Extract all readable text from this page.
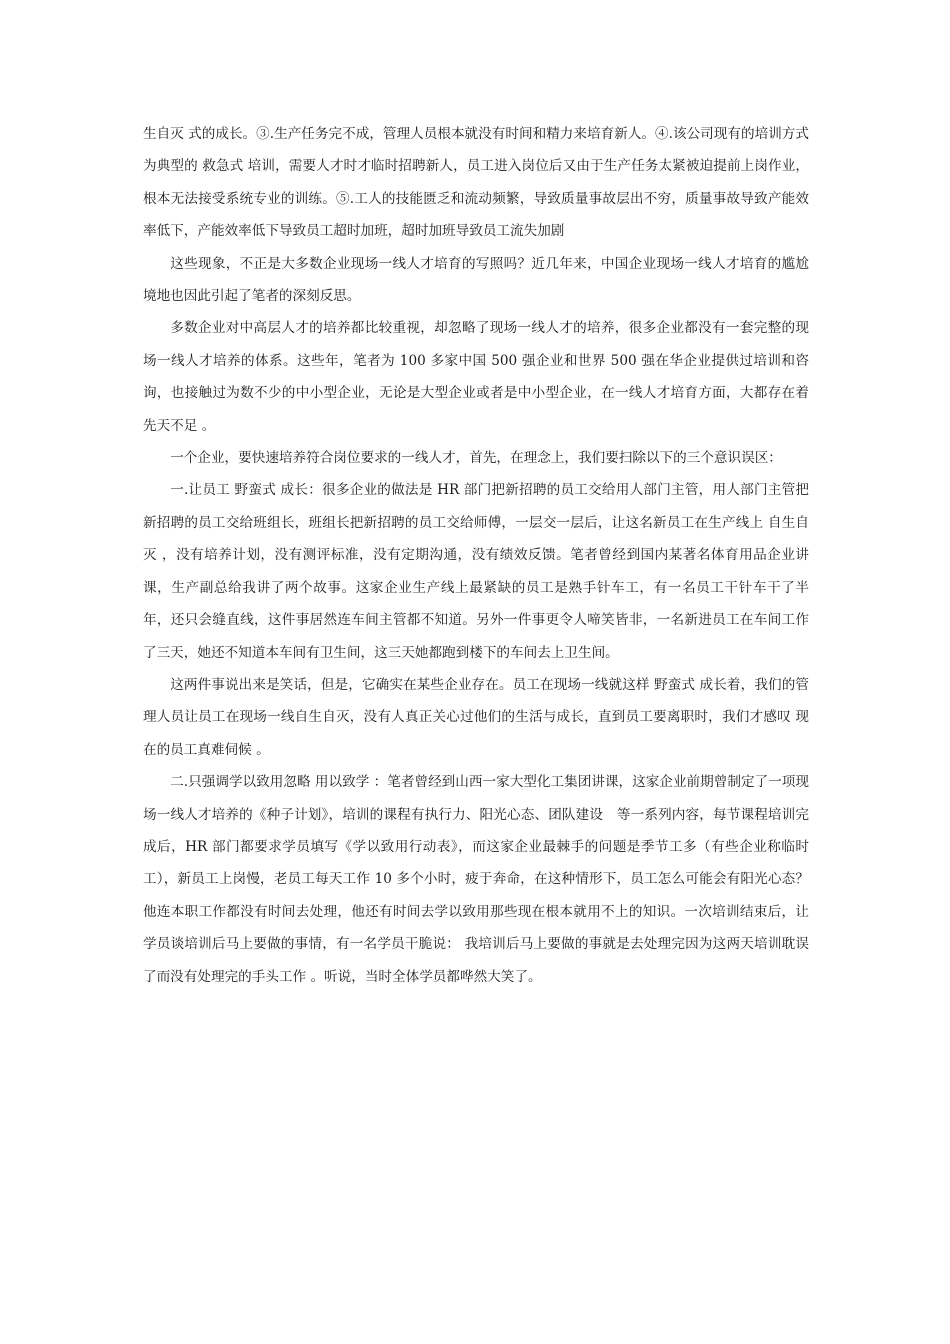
生自灭 式的成长。③.生产任务完不成，管理人员根本就没有时间和精力来培育新人。④.该公司现有的培训方式为典型的 救急式 培训，需要人才时才临时招聘新人，员工进入岗位后又由于生产任务太紧被迫提前上岗作业，根本无法接受系统专业的训练。⑤.工人的技能匮乏和流动频繁，导致质量事故层出不穷，质量事故导致产能效率低下，产能效率低下导致员工超时加班，超时加班导致员工流失加剧

这些现象，不正是大多数企业现场一线人才培育的写照吗？近几年来，中国企业现场一线人才培育的尴尬境地也因此引起了笔者的深刻反思。

多数企业对中高层人才的培养都比较重视，却忽略了现场一线人才的培养，很多企业都没有一套完整的现场一线人才培养的体系。这些年，笔者为 100 多家中国 500 强企业和世界 500 强在华企业提供过培训和咨询，也接触过为数不少的中小型企业，无论是大型企业或者是中小型企业，在一线人才培育方面，大都存在着 先天不足 。

一个企业，要快速培养符合岗位要求的一线人才，首先，在理念上，我们要扫除以下的三个意识误区：

一.让员工 野蛮式 成长：很多企业的做法是 HR 部门把新招聘的员工交给用人部门主管，用人部门主管把新招聘的员工交给班组长，班组长把新招聘的员工交给师傅，一层交一层后，让这名新员工在生产线上 自生自灭 ，没有培养计划，没有测评标准，没有定期沟通，没有绩效反馈。笔者曾经到国内某著名体育用品企业讲课，生产副总给我讲了两个故事。这家企业生产线上最紧缺的员工是熟手针车工，有一名员工干针车干了半年，还只会缝直线，这件事居然连车间主管都不知道。另外一件事更令人啼笑皆非，一名新进员工在车间工作了三天，她还不知道本车间有卫生间，这三天她都跑到楼下的车间去上卫生间。

这两件事说出来是笑话，但是，它确实在某些企业存在。员工在现场一线就这样 野蛮式 成长着，我们的管理人员让员工在现场一线自生自灭，没有人真正关心过他们的生活与成长，直到员工要离职时，我们才感叹 现在的员工真难伺候 。

二.只强调学以致用忽略 用以致学 ：笔者曾经到山西一家大型化工集团讲课，这家企业前期曾制定了一项现场一线人才培养的《种子计划》，培训的课程有执行力、阳光心态、团队建设　等一系列内容，每节课程培训完成后，HR 部门都要求学员填写《学以致用行动表》，而这家企业最棘手的问题是季节工多（有些企业称临时工），新员工上岗慢，老员工每天工作 10 多个小时，疲于奔命，在这种情形下，员工怎么可能会有阳光心态？他连本职工作都没有时间去处理，他还有时间去学以致用那些现在根本就用不上的知识。一次培训结束后，让学员谈培训后马上要做的事情，有一名学员干脆说： 我培训后马上要做的事就是去处理完因为这两天培训耽误了而没有处理完的手头工作 。听说，当时全体学员都哗然大笑了。
